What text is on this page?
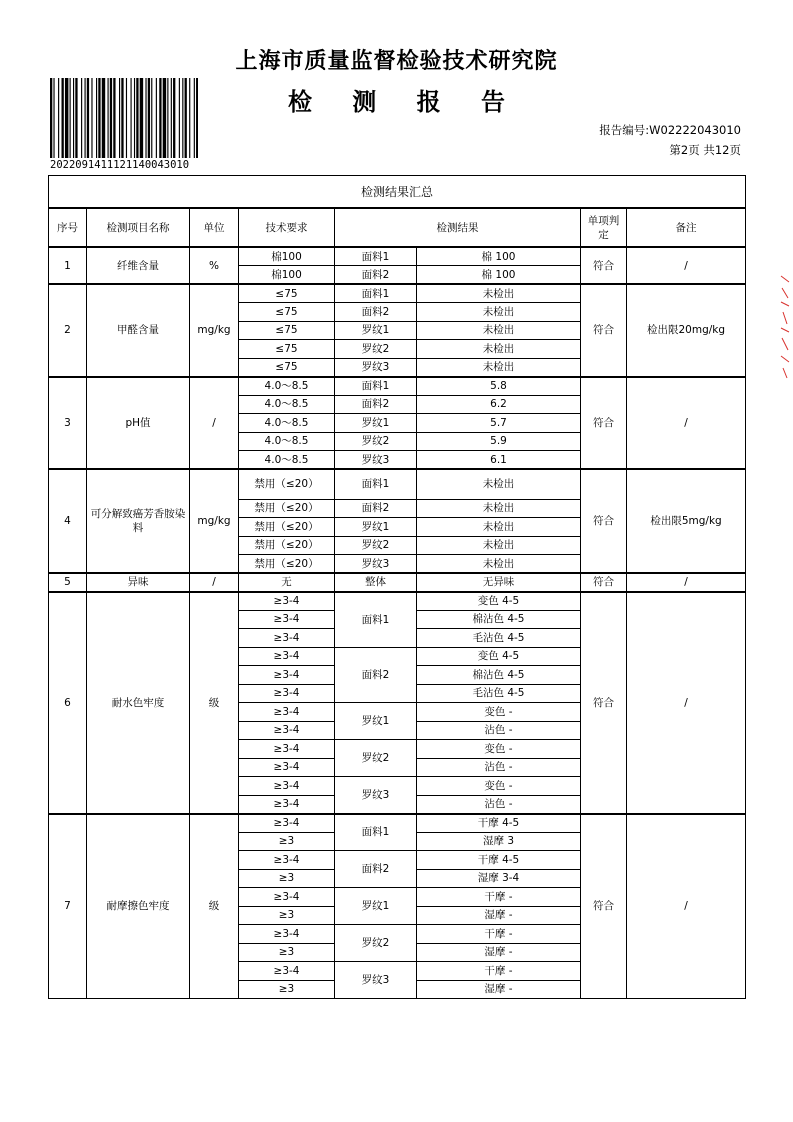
上海市质量监督检验技术研究院
检 测 报 告
202209141112114004301​0
报告编号:W02222043010
第2页 共12页
检测结果汇总							
序号	检测项目名称	单位	技术要求	检测结果		单项判定	备注
1	纤维含量	%	棉100	面料1	棉 100	符合	/
			棉100	面料2	棉 100		
2	甲醛含量	mg/kg	≤75	面料1	未检出	符合	检出限20mg/kg
			≤75	面料2	未检出		
			≤75	罗纹1	未检出		
			≤75	罗纹2	未检出		
			≤75	罗纹3	未检出		
3	pH值	/	4.0～8.5	面料1	5.8	符合	/
			4.0～8.5	面料2	6.2		
			4.0～8.5	罗纹1	5.7		
			4.0～8.5	罗纹2	5.9		
			4.0～8.5	罗纹3	6.1		
4	可分解致癌芳香胺染料	mg/kg	禁用（≤20）	面料1	未检出	符合	检出限5mg/kg
			禁用（≤20）	面料2	未检出		
			禁用（≤20）	罗纹1	未检出		
			禁用（≤20）	罗纹2	未检出		
			禁用（≤20）	罗纹3	未检出		
5	异味	/	无	整体	无异味	符合	/
6	耐水色牢度	级	≥3-4	面料1	变色 4-5	符合	/
			≥3-4		棉沾色 4-5		
			≥3-4		毛沾色 4-5		
			≥3-4	面料2	变色 4-5		
			≥3-4		棉沾色 4-5		
			≥3-4		毛沾色 4-5		
			≥3-4	罗纹1	变色 -		
			≥3-4		沾色 -		
			≥3-4	罗纹2	变色 -		
			≥3-4		沾色 -		
			≥3-4	罗纹3	变色 -		
			≥3-4		沾色 -		
7	耐摩擦色牢度	级	≥3-4	面料1	干摩 4-5	符合	/
			≥3		湿摩 3		
			≥3-4	面料2	干摩 4-5		
			≥3		湿摩 3-4		
			≥3-4	罗纹1	干摩 -		
			≥3		湿摩 -		
			≥3-4	罗纹2	干摩 -		
			≥3		湿摩 -		
			≥3-4	罗纹3	干摩 -		
			≥3		湿摩 -		
